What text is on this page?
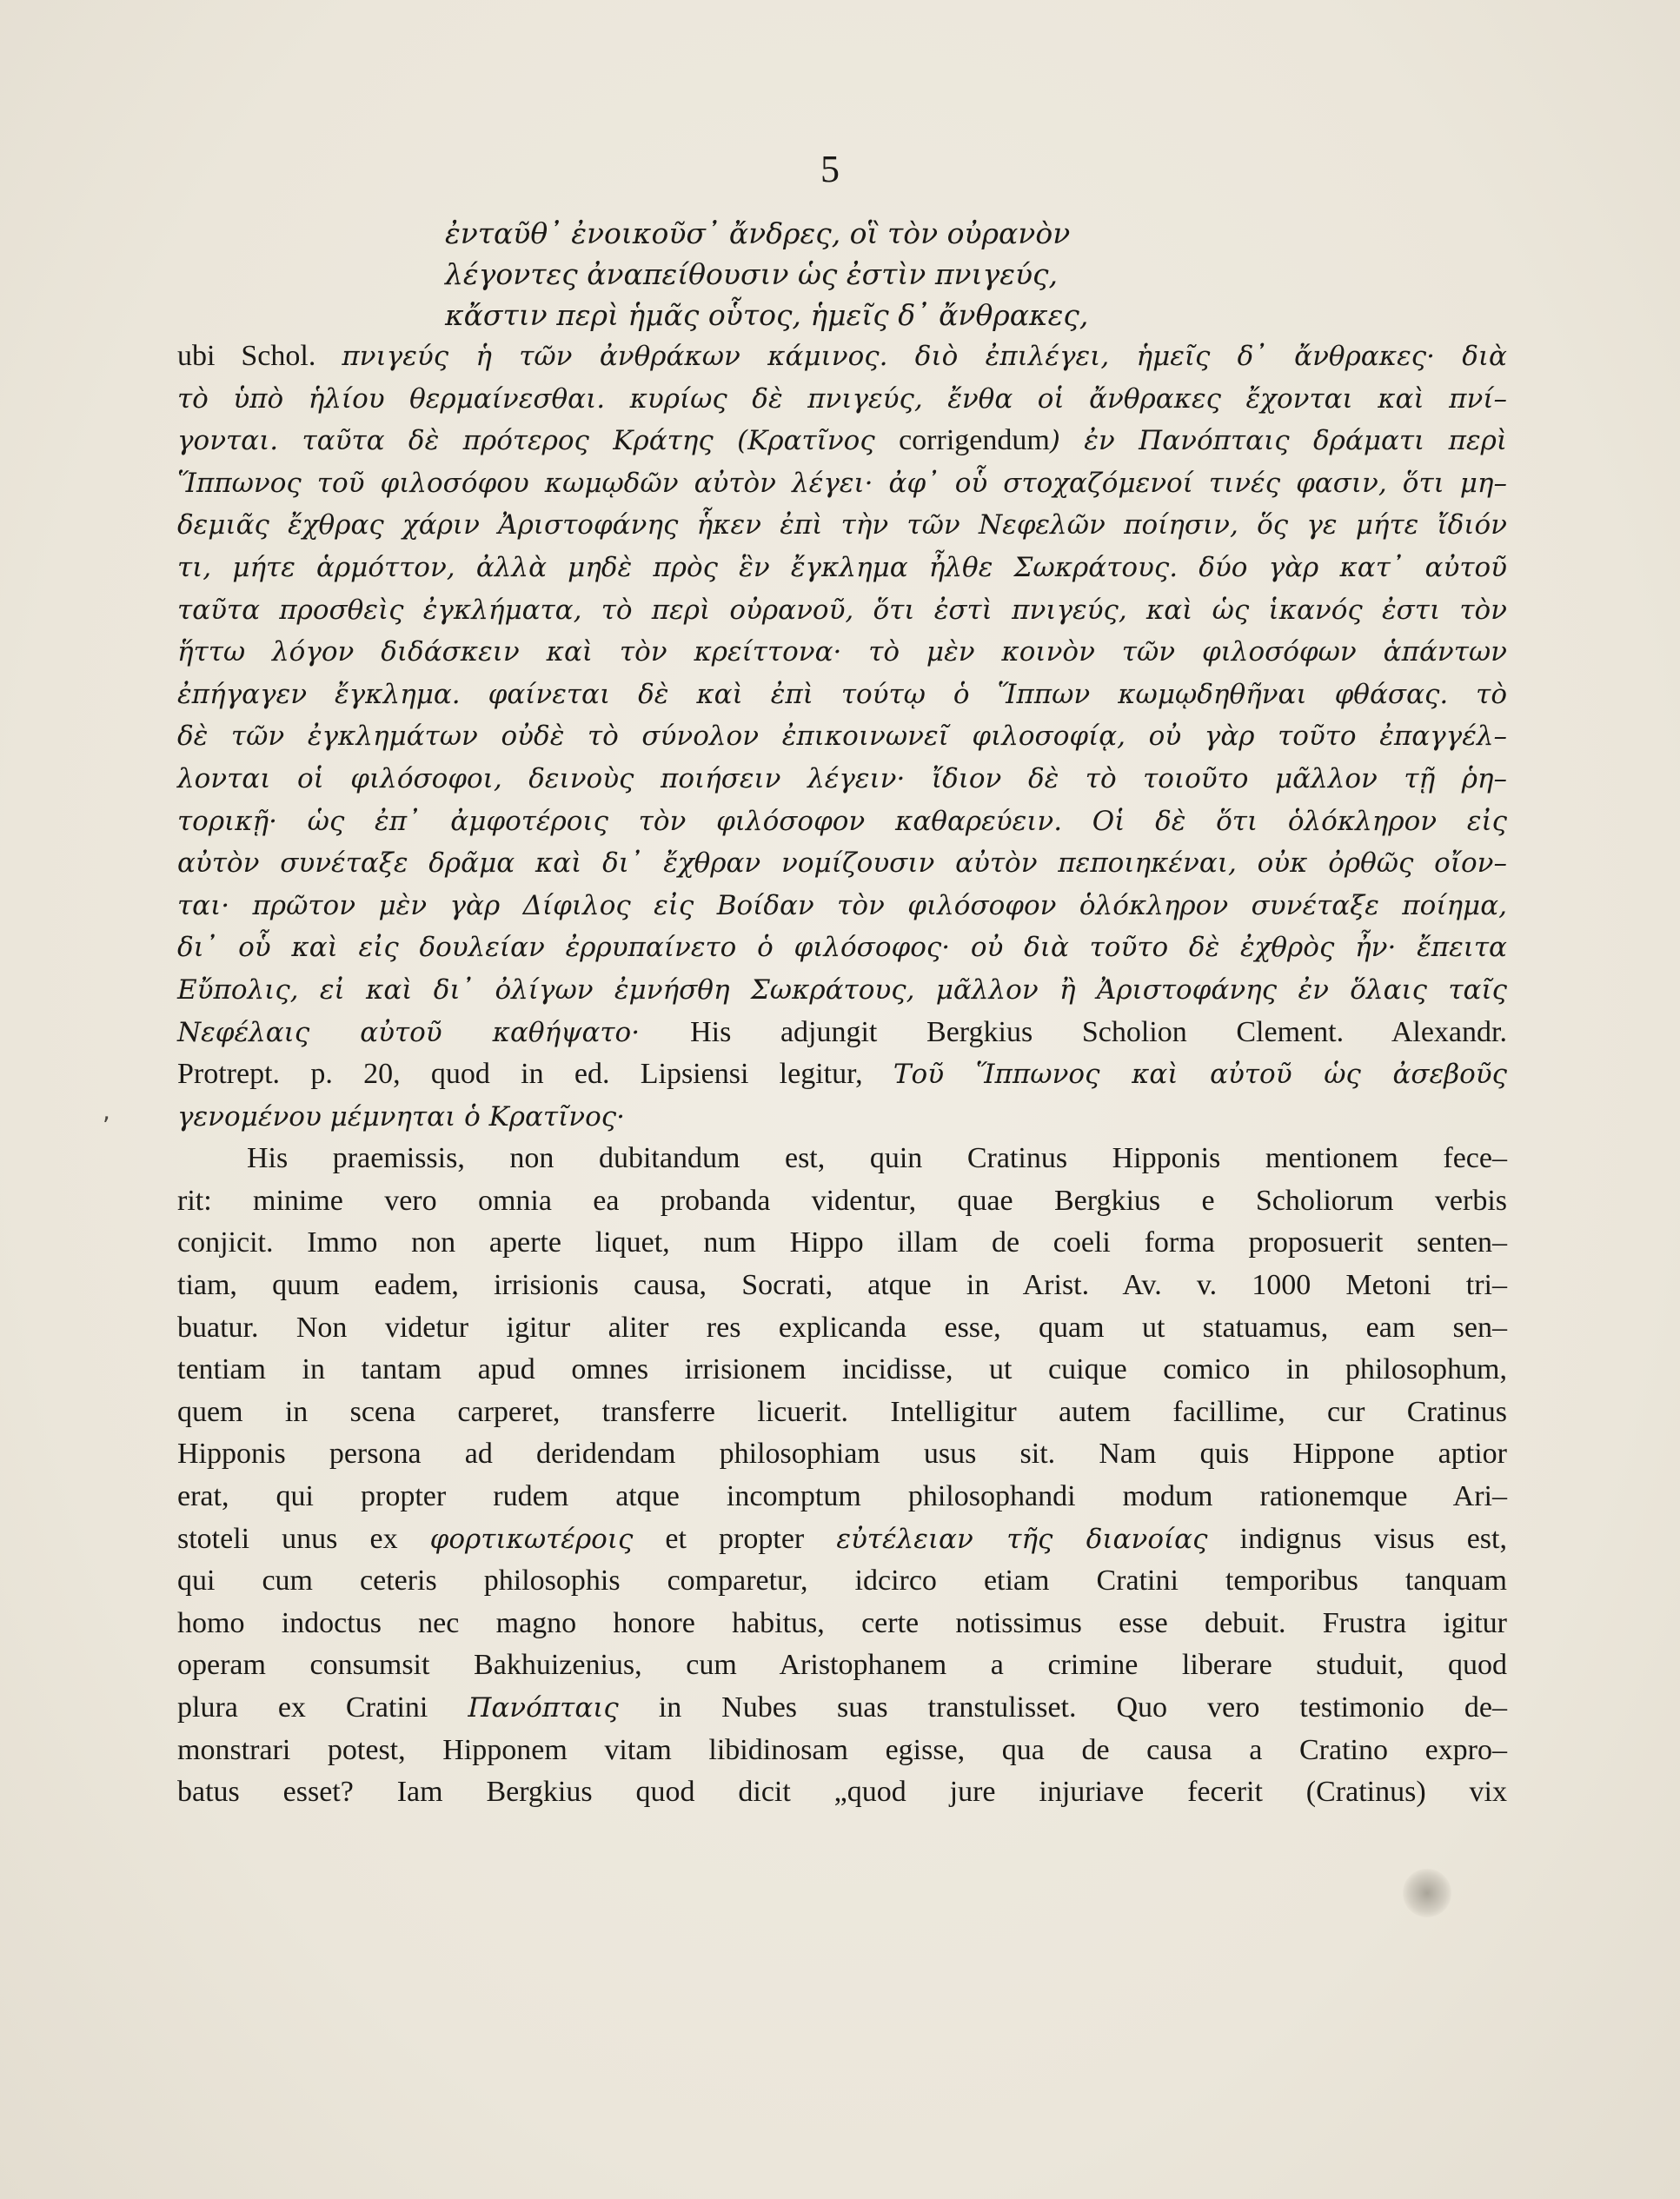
5
ἐνταῦθ᾽ ἐνοικοῦσ᾽ ἄνδρες, οἳ τὸν οὐρανὸν
λέγοντες ἀναπείθουσιν ὡς ἐστὶν πνιγεύς,
κἄστιν περὶ ἡμᾶς οὗτος, ἡμεῖς δ᾽ ἄνθρακες,
ubi Schol. πνιγεύς ἡ τῶν ἀνθράκων κάμινος. διὸ ἐπιλέγει, ἡμεῖς δ᾽ ἄνθρακες· διὰ
τὸ ὑπὸ ἡλίου θερμαίνεσθαι. κυρίως δὲ πνιγεύς, ἔνθα οἱ ἄνθρακες ἔχονται καὶ πνί–
γονται. ταῦτα δὲ πρότερος Κράτης (Κρατῖνος corrigendum) ἐν Πανόπταις δράματι περὶ
Ἵππωνος τοῦ φιλοσόφου κωμῳδῶν αὐτὸν λέγει· ἀφ᾽ οὗ στοχαζόμενοί τινές φασιν, ὅτι μη–
δεμιᾶς ἔχθρας χάριν Ἀριστοφάνης ἧκεν ἐπὶ τὴν τῶν Νεφελῶν ποίησιν, ὅς γε μήτε ἴδιόν
τι, μήτε ἁρμόττον, ἀλλὰ μηδὲ πρὸς ἓν ἔγκλημα ἦλθε Σωκράτους. δύο γὰρ κατ᾽ αὐτοῦ
ταῦτα προσθεὶς ἐγκλήματα, τὸ περὶ οὐρανοῦ, ὅτι ἐστὶ πνιγεύς, καὶ ὡς ἱκανός ἐστι τὸν
ἥττω λόγον διδάσκειν καὶ τὸν κρείττονα· τὸ μὲν κοινὸν τῶν φιλοσόφων ἁπάντων
ἐπήγαγεν ἔγκλημα. φαίνεται δὲ καὶ ἐπὶ τούτῳ ὁ Ἵππων κωμῳδηθῆναι φθάσας. τὸ
δὲ τῶν ἐγκλημάτων οὐδὲ τὸ σύνολον ἐπικοινωνεῖ φιλοσοφίᾳ, οὐ γὰρ τοῦτο ἐπαγγέλ–
λονται οἱ φιλόσοφοι, δεινοὺς ποιήσειν λέγειν· ἴδιον δὲ τὸ τοιοῦτο μᾶλλον τῇ ῥη–
τορικῇ· ὡς ἐπ᾽ ἀμφοτέροις τὸν φιλόσοφον καθαρεύειν. Οἱ δὲ ὅτι ὁλόκληρον εἰς
αὐτὸν συνέταξε δρᾶμα καὶ δι᾽ ἔχθραν νομίζουσιν αὐτὸν πεποιηκέναι, οὐκ ὀρθῶς οἴον–
ται· πρῶτον μὲν γὰρ Δίφιλος εἰς Βοίδαν τὸν φιλόσοφον ὁλόκληρον συνέταξε ποίημα,
δι᾽ οὗ καὶ εἰς δουλείαν ἐρρυπαίνετο ὁ φιλόσοφος· οὐ διὰ τοῦτο δὲ ἐχθρὸς ἦν· ἔπειτα
Εὔπολις, εἰ καὶ δι᾽ ὀλίγων ἐμνήσθη Σωκράτους, μᾶλλον ἢ Ἀριστοφάνης ἐν ὅλαις ταῖς
Νεφέλαις αὐτοῦ καθήψατο· His adjungit Bergkius Scholion Clement. Alexandr.
Protrept. p. 20, quod in ed. Lipsiensi legitur, Τοῦ Ἵππωνος καὶ αὐτοῦ ὡς ἀσεβοῦς
γενομένου μέμνηται ὁ Κρατῖνος·
His praemissis, non dubitandum est, quin Cratinus Hipponis mentionem fece–
rit: minime vero omnia ea probanda videntur, quae Bergkius e Scholiorum verbis
conjicit. Immo non aperte liquet, num Hippo illam de coeli forma proposuerit senten–
tiam, quum eadem, irrisionis causa, Socrati, atque in Arist. Av. v. 1000 Metoni tri–
buatur. Non videtur igitur aliter res explicanda esse, quam ut statuamus, eam sen–
tentiam in tantam apud omnes irrisionem incidisse, ut cuique comico in philosophum,
quem in scena carperet, transferre licuerit. Intelligitur autem facillime, cur Cratinus
Hipponis persona ad deridendam philosophiam usus sit. Nam quis Hippone aptior
erat, qui propter rudem atque incomptum philosophandi modum rationemque Ari–
stoteli unus ex φορτικωτέροις et propter εὐτέλειαν τῆς διανοίας indignus visus est,
qui cum ceteris philosophis comparetur, idcirco etiam Cratini temporibus tanquam
homo indoctus nec magno honore habitus, certe notissimus esse debuit. Frustra igitur
operam consumsit Bakhuizenius, cum Aristophanem a crimine liberare studuit, quod
plura ex Cratini Πανόπταις in Nubes suas transtulisset. Quo vero testimonio de–
monstrari potest, Hipponem vitam libidinosam egisse, qua de causa a Cratino expro–
batus esset? Iam Bergkius quod dicit „quod jure injuriave fecerit (Cratinus) vix
,
